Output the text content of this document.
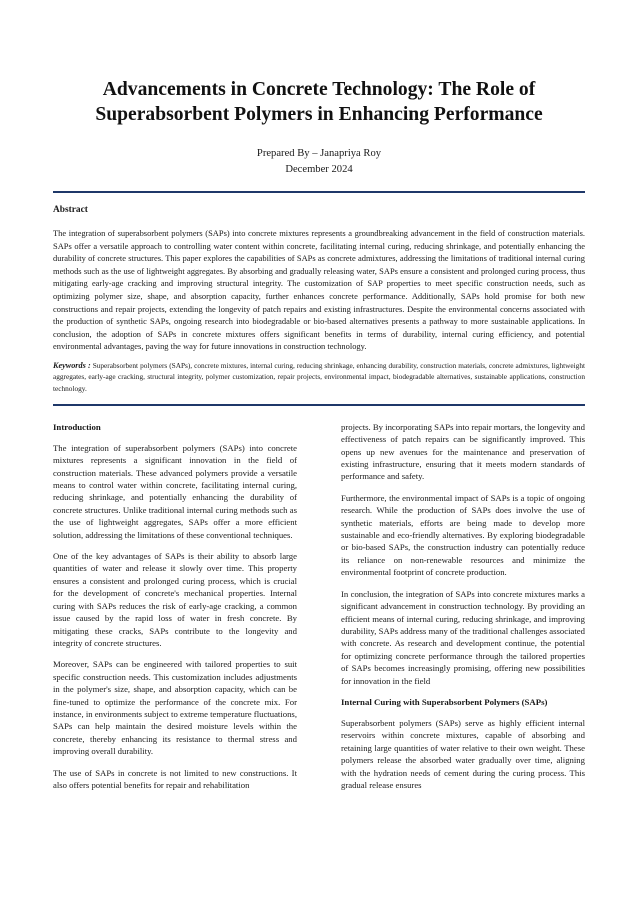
Advancements in Concrete Technology: The Role of Superabsorbent Polymers in Enhancing Performance
Prepared By – Janapriya Roy
December 2024
Abstract
The integration of superabsorbent polymers (SAPs) into concrete mixtures represents a groundbreaking advancement in the field of construction materials. SAPs offer a versatile approach to controlling water content within concrete, facilitating internal curing, reducing shrinkage, and potentially enhancing the durability of concrete structures. This paper explores the capabilities of SAPs as concrete admixtures, addressing the limitations of traditional internal curing methods such as the use of lightweight aggregates. By absorbing and gradually releasing water, SAPs ensure a consistent and prolonged curing process, thus mitigating early-age cracking and improving structural integrity. The customization of SAP properties to meet specific construction needs, such as optimizing polymer size, shape, and absorption capacity, further enhances concrete performance. Additionally, SAPs hold promise for both new constructions and repair projects, extending the longevity of patch repairs and existing infrastructures. Despite the environmental concerns associated with the production of synthetic SAPs, ongoing research into biodegradable or bio-based alternatives presents a pathway to more sustainable applications. In conclusion, the adoption of SAPs in concrete mixtures offers significant benefits in terms of durability, internal curing efficiency, and potential environmental advantages, paving the way for future innovations in construction technology.
Keywords : Superabsorbent polymers (SAPs), concrete mixtures, internal curing, reducing shrinkage, enhancing durability, construction materials, concrete admixtures, lightweight aggregates, early-age cracking, structural integrity, polymer customization, repair projects, environmental impact, biodegradable alternatives, sustainable applications, construction technology.
Introduction

The integration of superabsorbent polymers (SAPs) into concrete mixtures represents a significant innovation in the field of construction materials. These advanced polymers provide a versatile means to control water within concrete, facilitating internal curing, reducing shrinkage, and potentially enhancing the durability of concrete structures. Unlike traditional internal curing methods such as the use of lightweight aggregates, SAPs offer a more efficient solution, addressing the limitations of these conventional techniques.

One of the key advantages of SAPs is their ability to absorb large quantities of water and release it slowly over time. This property ensures a consistent and prolonged curing process, which is crucial for the development of concrete's mechanical properties. Internal curing with SAPs reduces the risk of early-age cracking, a common issue caused by the rapid loss of water in fresh concrete. By mitigating these cracks, SAPs contribute to the longevity and integrity of concrete structures.

Moreover, SAPs can be engineered with tailored properties to suit specific construction needs. This customization includes adjustments in the polymer's size, shape, and absorption capacity, which can be fine-tuned to optimize the performance of the concrete mix. For instance, in environments subject to extreme temperature fluctuations, SAPs can help maintain the desired moisture levels within the concrete, thereby enhancing its resistance to thermal stress and improving overall durability.

The use of SAPs in concrete is not limited to new constructions. It also offers potential benefits for repair and rehabilitation

projects. By incorporating SAPs into repair mortars, the longevity and effectiveness of patch repairs can be significantly improved. This opens up new avenues for the maintenance and preservation of existing infrastructure, ensuring that it meets modern standards of performance and safety.

Furthermore, the environmental impact of SAPs is a topic of ongoing research. While the production of SAPs does involve the use of synthetic materials, efforts are being made to develop more sustainable and eco-friendly alternatives. By exploring biodegradable or bio-based SAPs, the construction industry can potentially reduce its reliance on non-renewable resources and minimize the environmental footprint of concrete production.

In conclusion, the integration of SAPs into concrete mixtures marks a significant advancement in construction technology. By providing an efficient means of internal curing, reducing shrinkage, and improving durability, SAPs address many of the traditional challenges associated with concrete. As research and development continue, the potential for optimizing concrete performance through the tailored properties of SAPs becomes increasingly promising, offering new possibilities for innovation in the field

Internal Curing with Superabsorbent Polymers (SAPs)

Superabsorbent polymers (SAPs) serve as highly efficient internal reservoirs within concrete mixtures, capable of absorbing and retaining large quantities of water relative to their own weight. These polymers release the absorbed water gradually over time, aligning with the hydration needs of cement during the curing process. This gradual release ensures
